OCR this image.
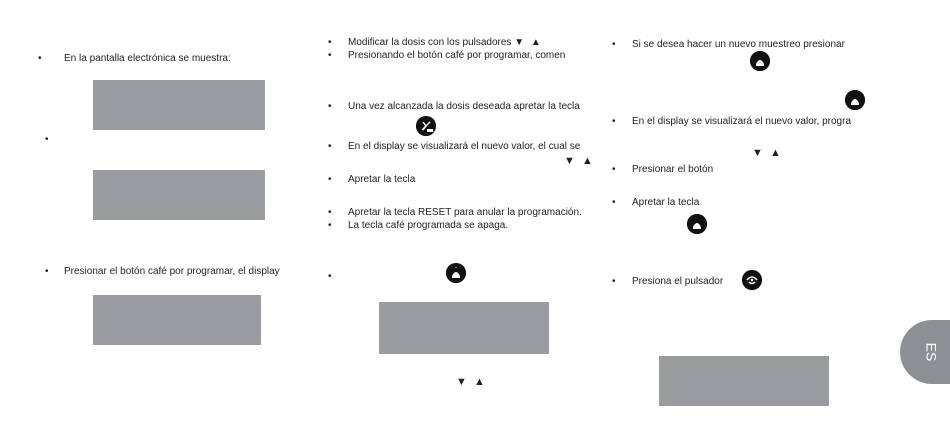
• En la pantalla electrónica se muestra:
•
• Presionar el botón café por programar, el display
• Modificar la dosis con los pulsadores ▼ ▲
• Presionando el botón café por programar, comen
• Una vez alcanzada la dosis deseada apretar la tecla
• En el display se visualizará el nuevo valor, el cual se
▼ ▲
• Apretar la tecla
• Apretar la tecla RESET para anular la programación.
• La tecla café programada se apaga.
•
▼ ▲
• Si se desea hacer un nuevo muestreo presionar
• En el display se visualizará el nuevo valor, progra
▼ ▲
• Presionar el botón
• Apretar la tecla
• Presiona el pulsador
ES
